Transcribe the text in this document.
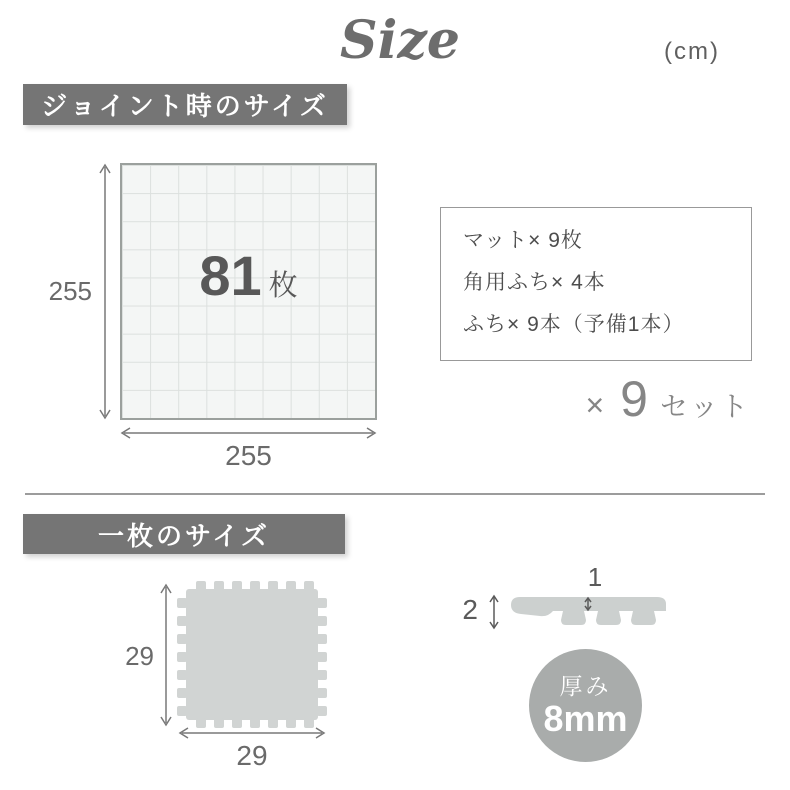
Size	(cm)
ジョイント時のサイズ
81 枚
255
255
マット× 9枚
角用ふち× 4本
ふち× 9本（予備1本）
× 9 セット
一枚のサイズ
29
29
1
2
厚み
8mm
